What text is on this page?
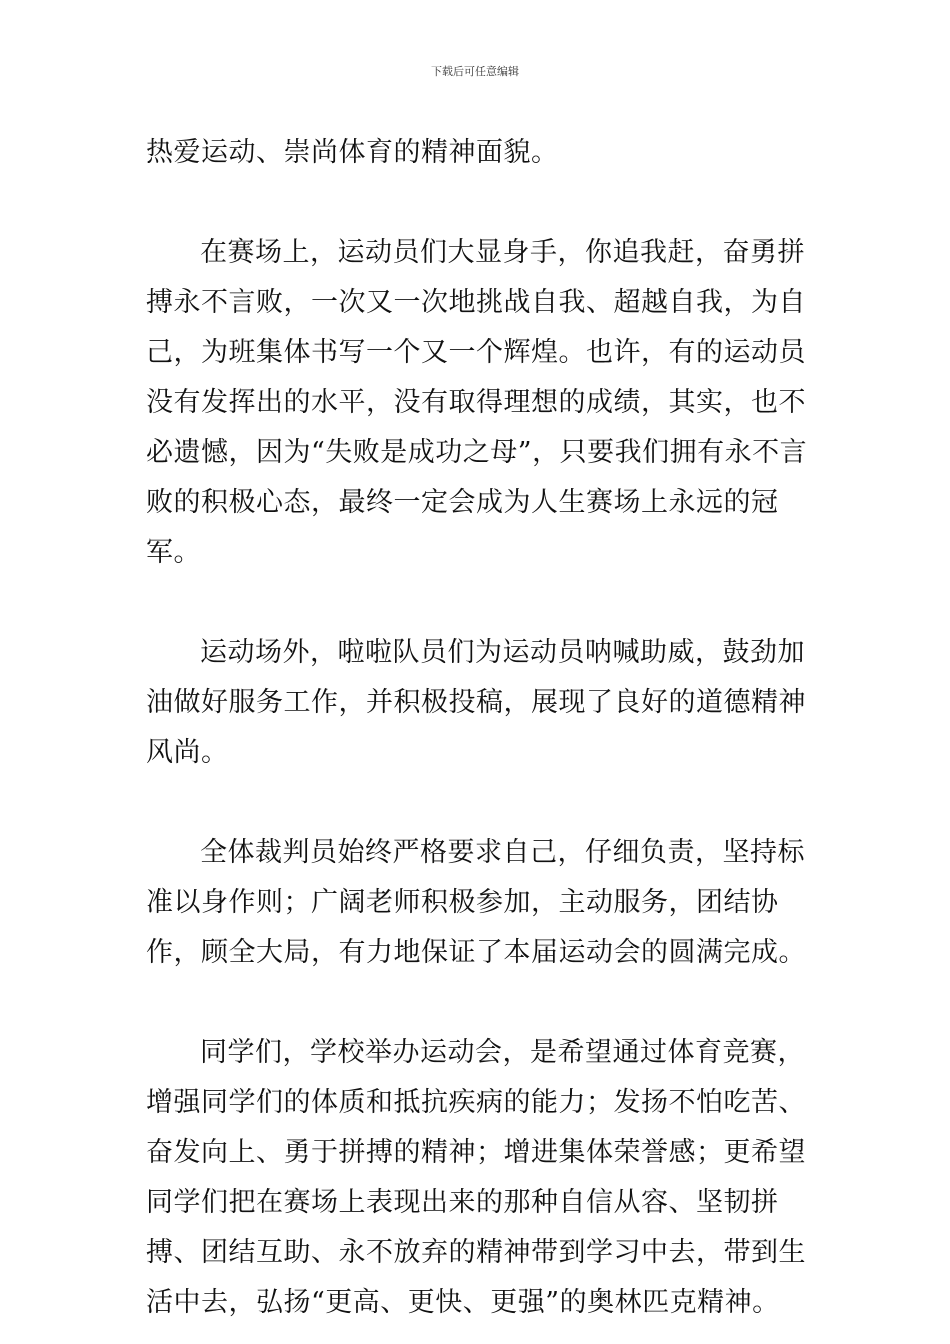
下载后可任意编辑

热爱运动、崇尚体育的精神面貌。

在赛场上，运动员们大显身手，你追我赶，奋勇拼搏永不言败，一次又一次地挑战自我、超越自我，为自己，为班集体书写一个又一个辉煌。也许，有的运动员没有发挥出的水平，没有取得理想的成绩，其实，也不必遗憾，因为“失败是成功之母”，只要我们拥有永不言败的积极心态，最终一定会成为人生赛场上永远的冠军。

运动场外，啦啦队员们为运动员呐喊助威，鼓劲加油做好服务工作，并积极投稿，展现了良好的道德精神风尚。

全体裁判员始终严格要求自己，仔细负责，坚持标准以身作则；广阔老师积极参加，主动服务，团结协作，顾全大局，有力地保证了本届运动会的圆满完成。

同学们，学校举办运动会，是希望通过体育竞赛，增强同学们的体质和抵抗疾病的能力；发扬不怕吃苦、奋发向上、勇于拼搏的精神；增进集体荣誉感；更希望同学们把在赛场上表现出来的那种自信从容、坚韧拼搏、团结互助、永不放弃的精神带到学习中去，带到生活中去，弘扬“更高、更快、更强”的奥林匹克精神。
